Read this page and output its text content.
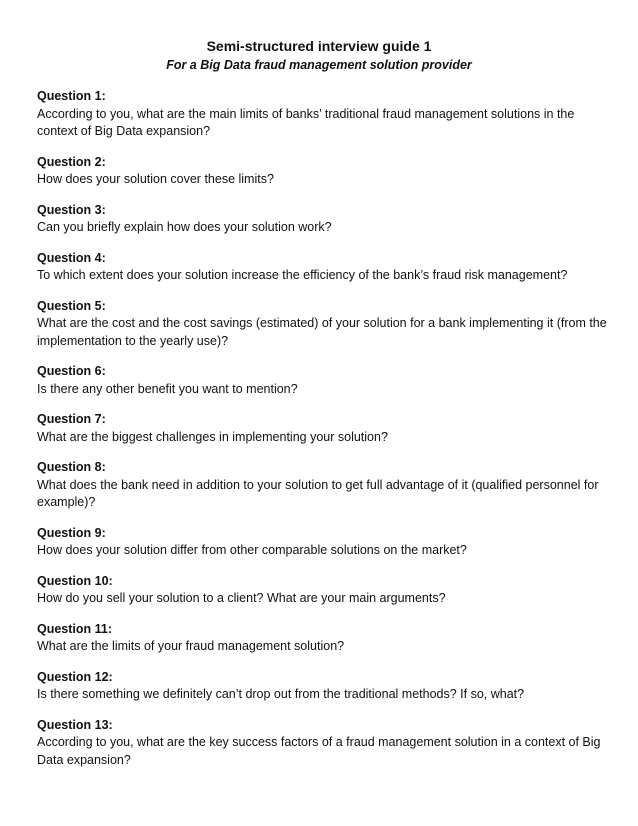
Semi-structured interview guide 1
For a Big Data fraud management solution provider
Question 1:
According to you, what are the main limits of banks’ traditional fraud management solutions in the context of Big Data expansion?
Question 2:
How does your solution cover these limits?
Question 3:
Can you briefly explain how does your solution work?
Question 4:
To which extent does your solution increase the efficiency of the bank’s fraud risk management?
Question 5:
What are the cost and the cost savings (estimated) of your solution for a bank implementing it (from the implementation to the yearly use)?
Question 6:
Is there any other benefit you want to mention?
Question 7:
What are the biggest challenges in implementing your solution?
Question 8:
What does the bank need in addition to your solution to get full advantage of it (qualified personnel for example)?
Question 9:
How does your solution differ from other comparable solutions on the market?
Question 10:
How do you sell your solution to a client? What are your main arguments?
Question 11:
What are the limits of your fraud management solution?
Question 12:
Is there something we definitely can’t drop out from the traditional methods? If so, what?
Question 13:
According to you, what are the key success factors of a fraud management solution in a context of Big Data expansion?
